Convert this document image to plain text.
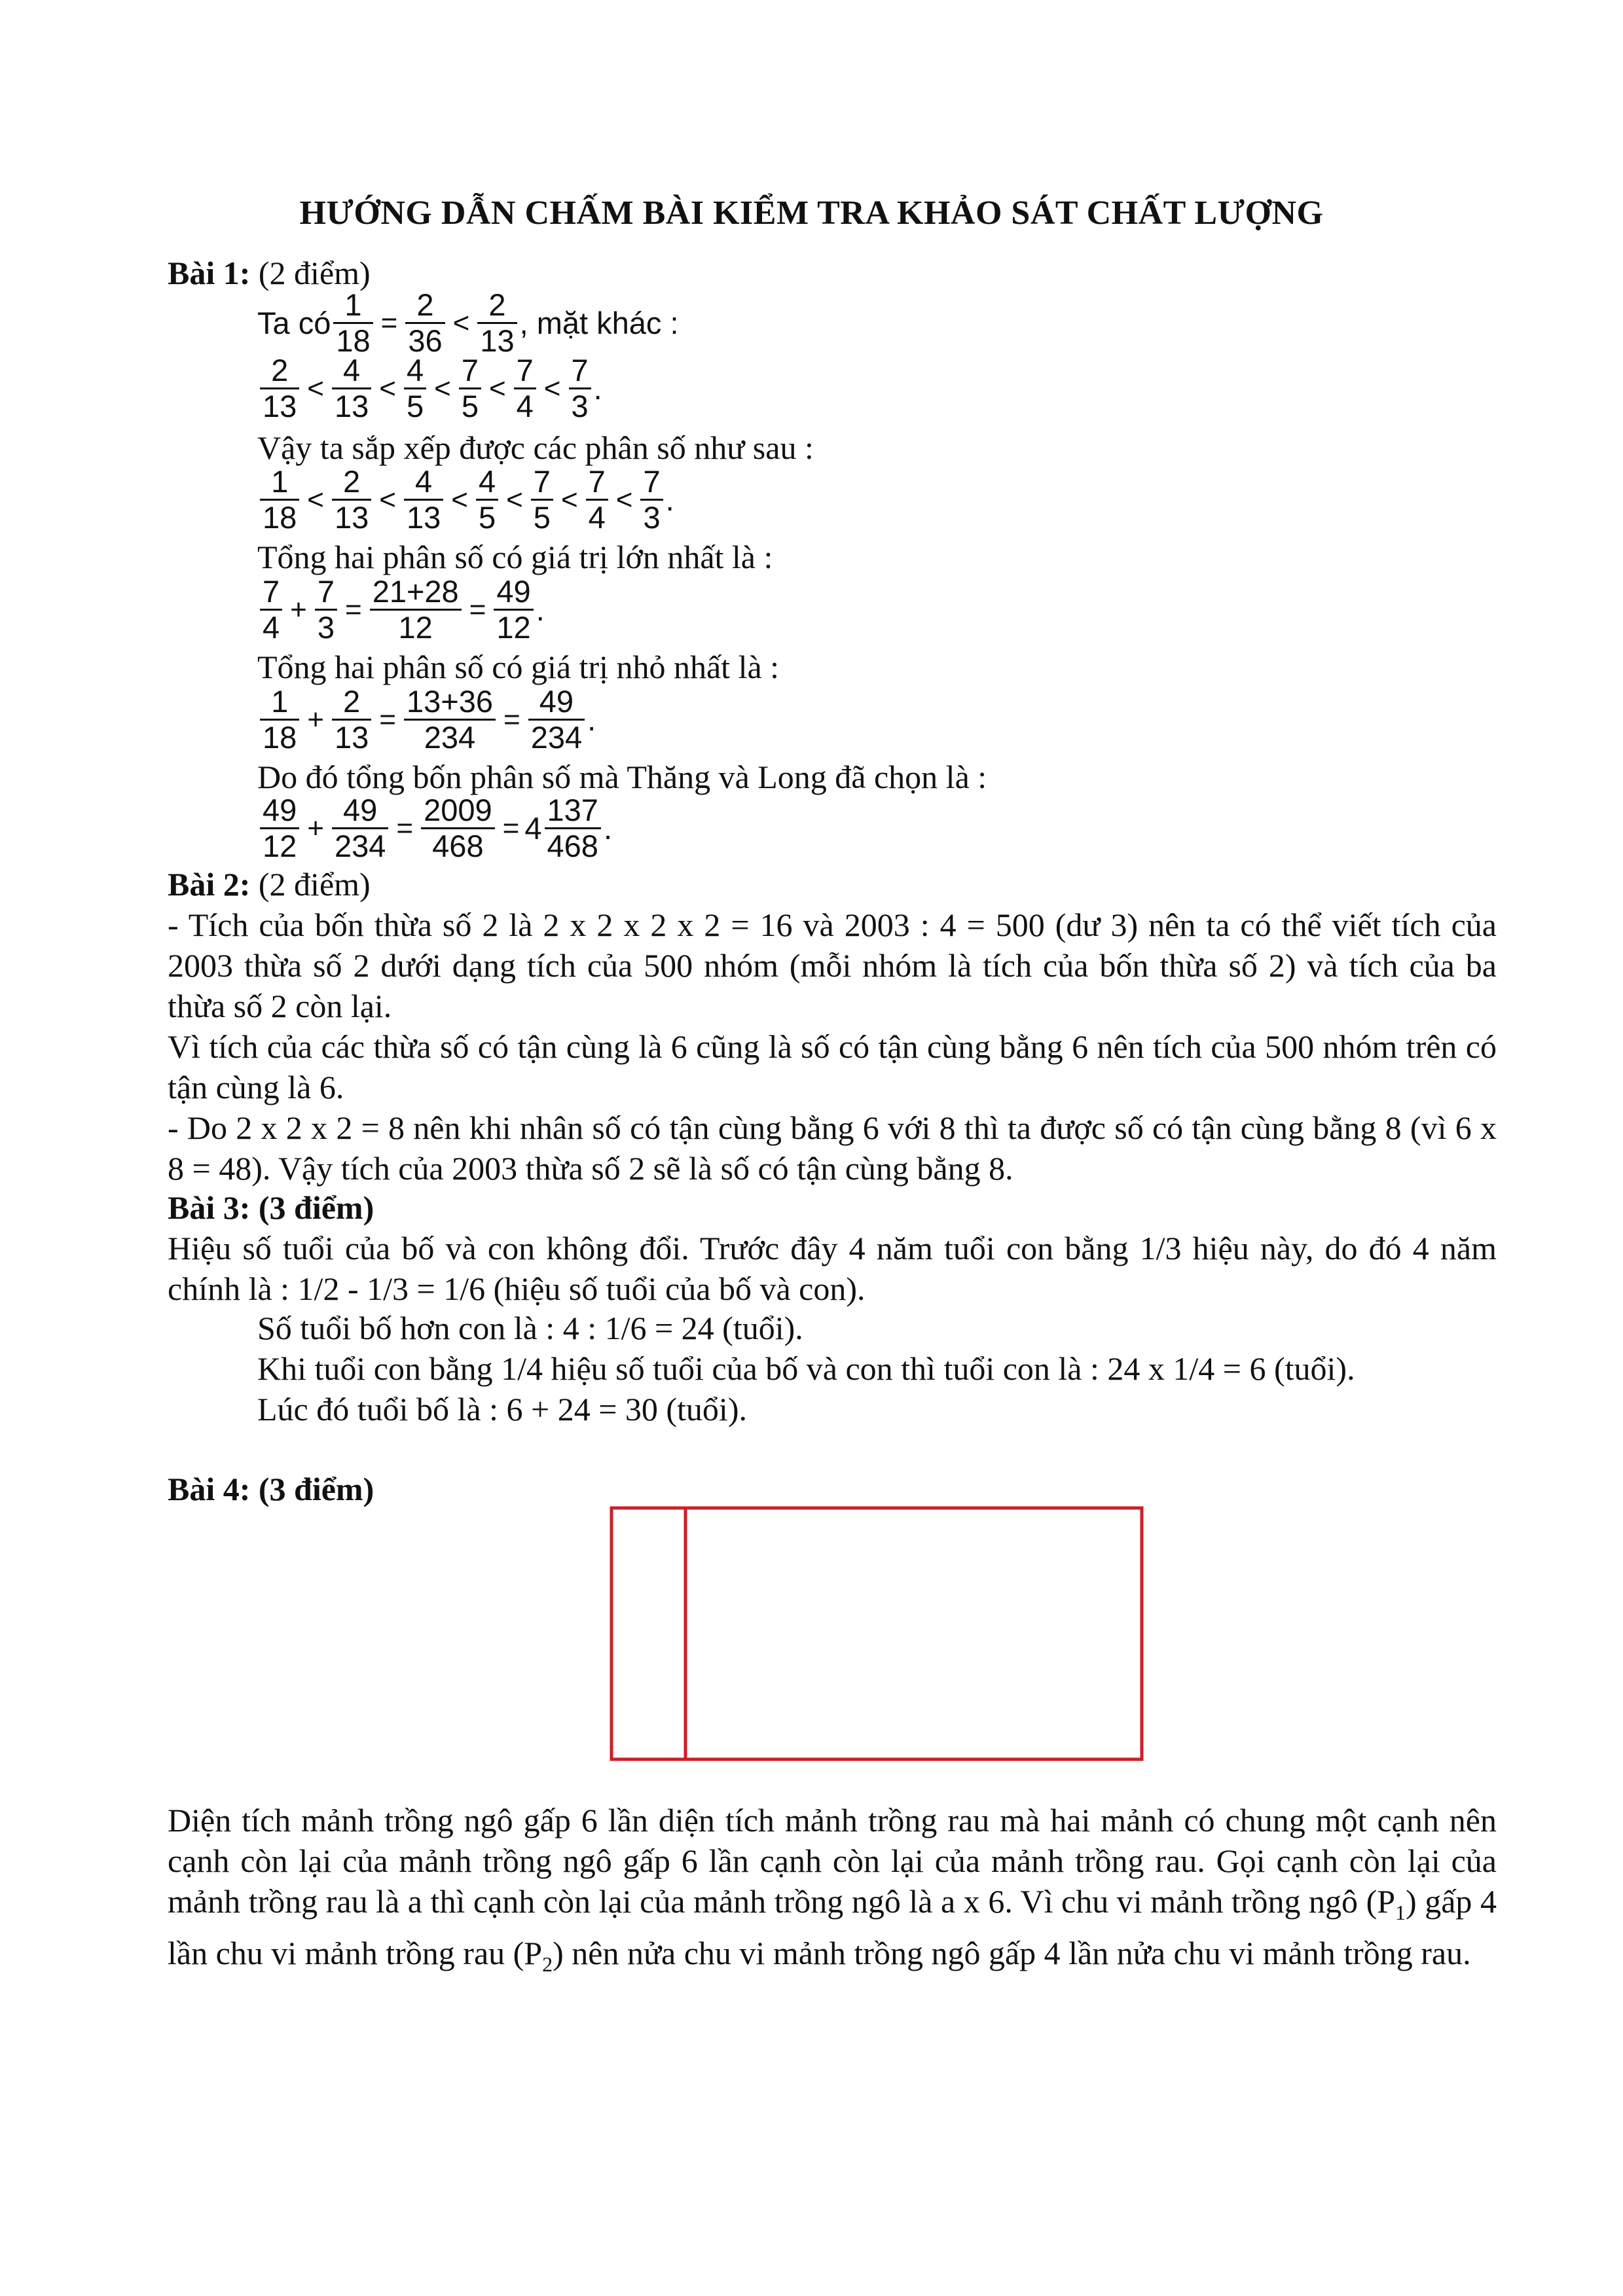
HƯỚNG DẪN CHẤM BÀI KIỂM TRA KHẢO SÁT CHẤT LƯỢNG
Bài 1: (2 điểm)
Ta có $\frac{1}{18} = \frac{2}{36} < \frac{2}{13}$ , mặt khác :
$\frac{2}{13} < \frac{4}{13} < \frac{4}{5} < \frac{7}{5} < \frac{7}{4} < \frac{7}{3}$ .
Vậy ta sắp xếp được các phân số như sau :
$\frac{1}{18} < \frac{2}{13} < \frac{4}{13} < \frac{4}{5} < \frac{7}{5} < \frac{7}{4} < \frac{7}{3}$ .
Tổng hai phân số có giá trị lớn nhất là :
$\frac{7}{4} + \frac{7}{3} = \frac{21+28}{12} = \frac{49}{12}$ .
Tổng hai phân số có giá trị nhỏ nhất là :
$\frac{1}{18} + \frac{2}{13} = \frac{13+36}{234} = \frac{49}{234}$ .
Do đó tổng bốn phân số mà Thăng và Long đã chọn là :
$\frac{49}{12} + \frac{49}{234} = \frac{2009}{468} = 4 \frac{137}{468}$ .
Bài 2: (2 điểm)
- Tích của bốn thừa số 2 là 2 x 2 x 2 x 2 = 16 và 2003 : 4 = 500 (dư 3) nên ta có thể viết tích của 2003 thừa số 2 dưới dạng tích của 500 nhóm (mỗi nhóm là tích của bốn thừa số 2) và tích của ba thừa số 2 còn lại.
Vì tích của các thừa số có tận cùng là 6 cũng là số có tận cùng bằng 6 nên tích của 500 nhóm trên có tận cùng là 6.
- Do 2 x 2 x 2 = 8 nên khi nhân số có tận cùng bằng 6 với 8 thì ta được số có tận cùng bằng 8 (vì 6 x 8 = 48). Vậy tích của 2003 thừa số 2 sẽ là số có tận cùng bằng 8.
Bài 3: (3 điểm)
Hiệu số tuổi của bố và con không đổi. Trước đây 4 năm tuổi con bằng 1/3 hiệu này, do đó 4 năm chính là : 1/2 - 1/3 = 1/6 (hiệu số tuổi của bố và con).
Số tuổi bố hơn con là : 4 : 1/6 = 24 (tuổi).
Khi tuổi con bằng 1/4 hiệu số tuổi của bố và con thì tuổi con là : 24 x 1/4 = 6 (tuổi).
Lúc đó tuổi bố là : 6 + 24 = 30 (tuổi).
Bài 4: (3 điểm)
Diện tích mảnh trồng ngô gấp 6 lần diện tích mảnh trồng rau mà hai mảnh có chung một cạnh nên cạnh còn lại của mảnh trồng ngô gấp 6 lần cạnh còn lại của mảnh trồng rau. Gọi cạnh còn lại của mảnh trồng rau là a thì cạnh còn lại của mảnh trồng ngô là a x 6. Vì chu vi mảnh trồng ngô $(P_1)$ gấp 4 lần chu vi mảnh trồng rau $(P_2)$ nên nửa chu vi mảnh trồng ngô gấp 4 lần nửa chu vi mảnh trồng rau.
